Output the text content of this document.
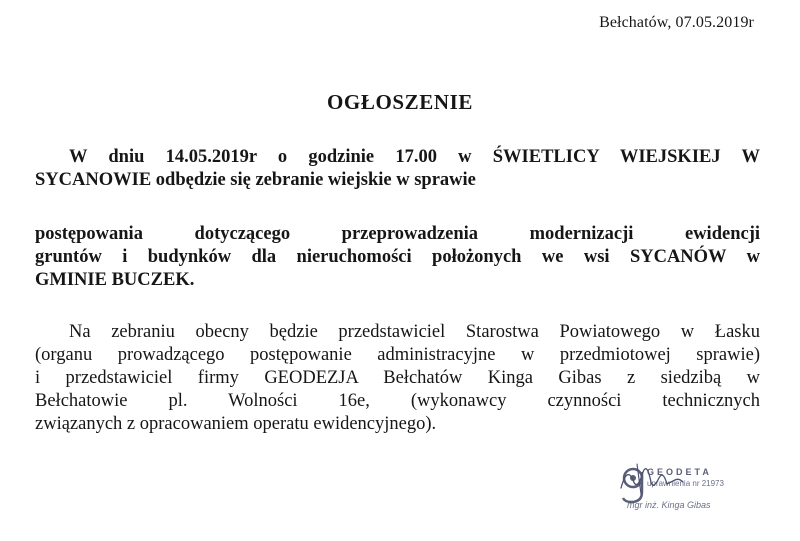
Bełchatów, 07.05.2019r
OGŁOSZENIE
W dniu 14.05.2019r o godzinie 17.00 w ŚWIETLICY WIEJSKIEJ W
SYCANOWIE odbędzie się zebranie wiejskie w sprawie
postępowania dotyczącego przeprowadzenia modernizacji ewidencji
gruntów i budynków dla nieruchomości położonych we wsi SYCANÓW w
GMINIE BUCZEK.
Na zebraniu obecny będzie przedstawiciel Starostwa Powiatowego w Łasku
(organu prowadzącego postępowanie administracyjne w przedmiotowej sprawie)
i przedstawiciel firmy GEODEZJA Bełchatów Kinga Gibas z siedzibą w
Bełchatowie pl. Wolności 16e, (wykonawcy czynności technicznych
związanych z opracowaniem operatu ewidencyjnego).
GEODETA
uprawnienia nr 21973
mgr inż. Kinga Gibas
